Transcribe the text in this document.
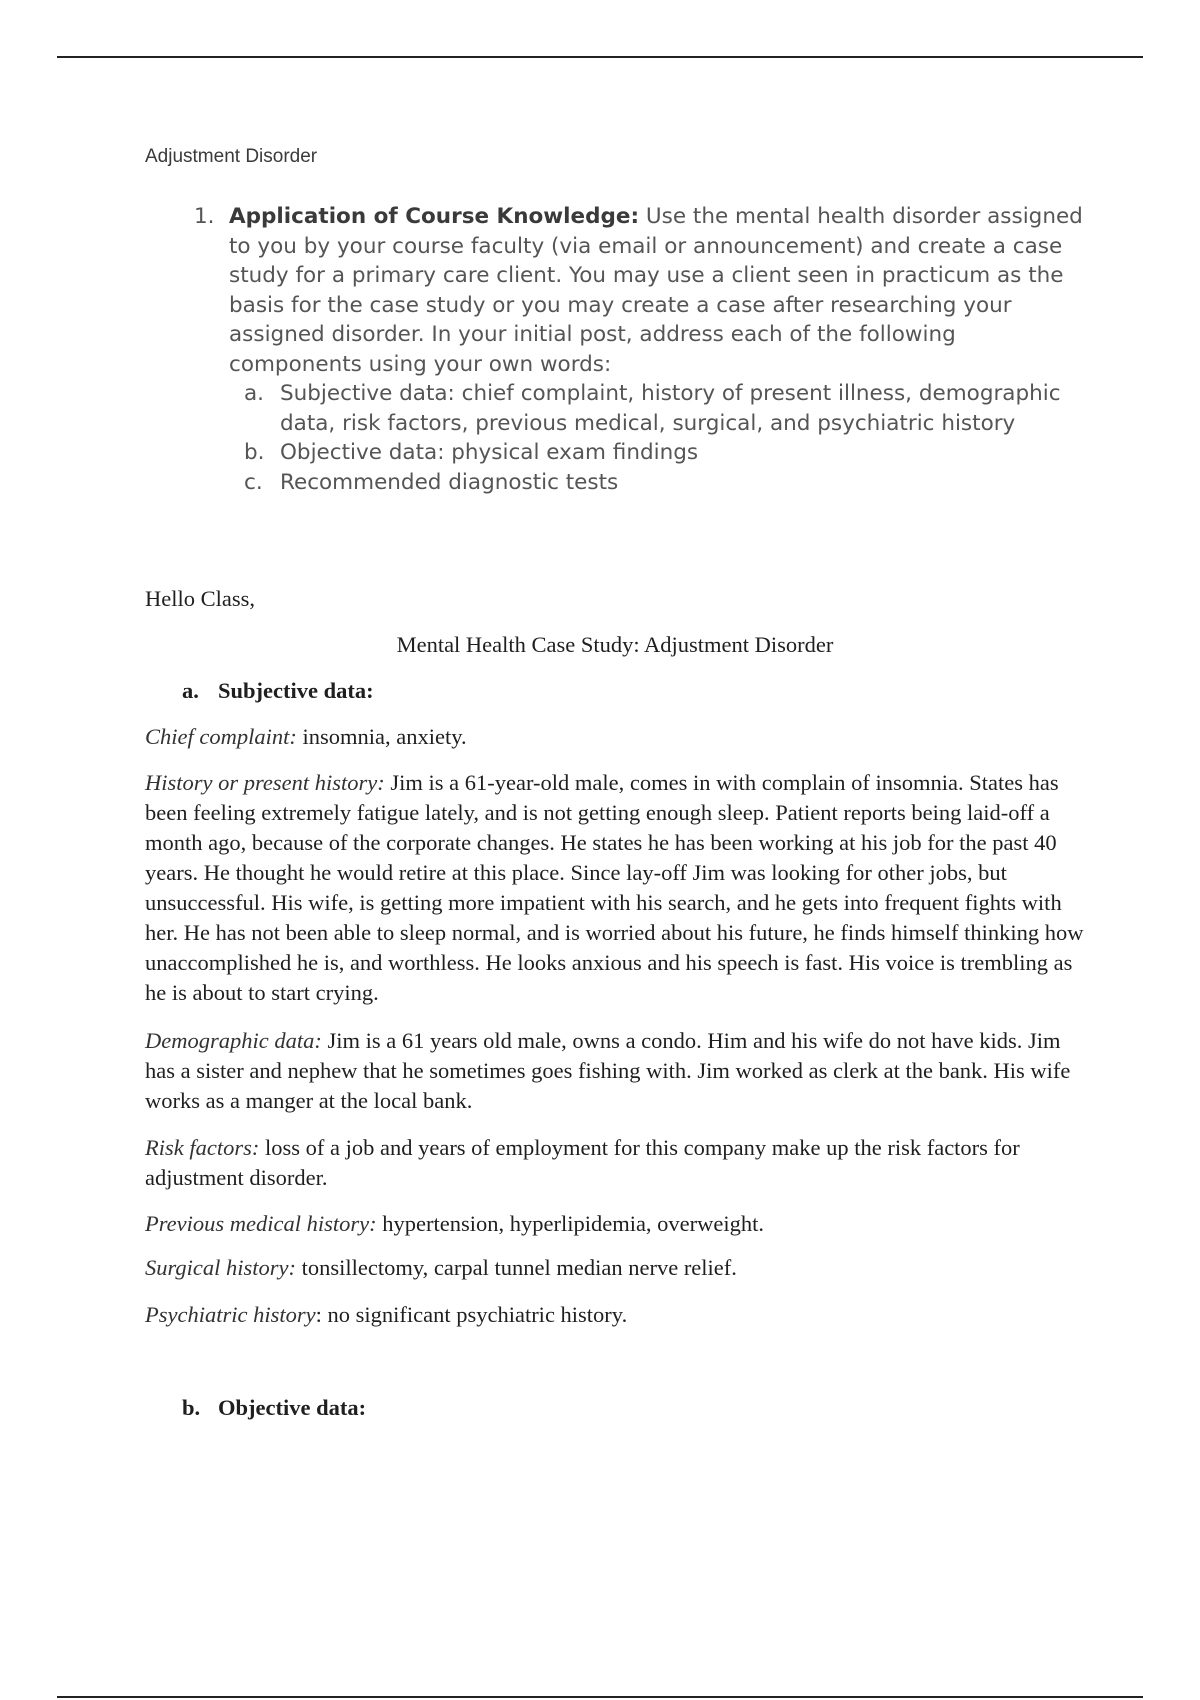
Adjustment Disorder

1. Application of Course Knowledge: Use the mental health disorder assigned to you by your course faculty (via email or announcement) and create a case study for a primary care client. You may use a client seen in practicum as the basis for the case study or you may create a case after researching your assigned disorder. In your initial post, address each of the following components using your own words:
a. Subjective data: chief complaint, history of present illness, demographic data, risk factors, previous medical, surgical, and psychiatric history
b. Objective data: physical exam findings
c. Recommended diagnostic tests
Hello Class,
Mental Health Case Study: Adjustment Disorder
a. Subjective data:
Chief complaint: insomnia, anxiety.
History or present history: Jim is a 61-year-old male, comes in with complain of insomnia. States has been feeling extremely fatigue lately, and is not getting enough sleep. Patient reports being laid-off a month ago, because of the corporate changes. He states he has been working at his job for the past 40 years. He thought he would retire at this place. Since lay-off Jim was looking for other jobs, but unsuccessful. His wife, is getting more impatient with his search, and he gets into frequent fights with her. He has not been able to sleep normal, and is worried about his future, he finds himself thinking how unaccomplished he is, and worthless. He looks anxious and his speech is fast. His voice is trembling as he is about to start crying.
Demographic data: Jim is a 61 years old male, owns a condo. Him and his wife do not have kids. Jim has a sister and nephew that he sometimes goes fishing with. Jim worked as clerk at the bank. His wife works as a manger at the local bank.
Risk factors: loss of a job and years of employment for this company make up the risk factors for adjustment disorder.
Previous medical history: hypertension, hyperlipidemia, overweight.
Surgical history: tonsillectomy, carpal tunnel median nerve relief.
Psychiatric history: no significant psychiatric history.
b. Objective data:
